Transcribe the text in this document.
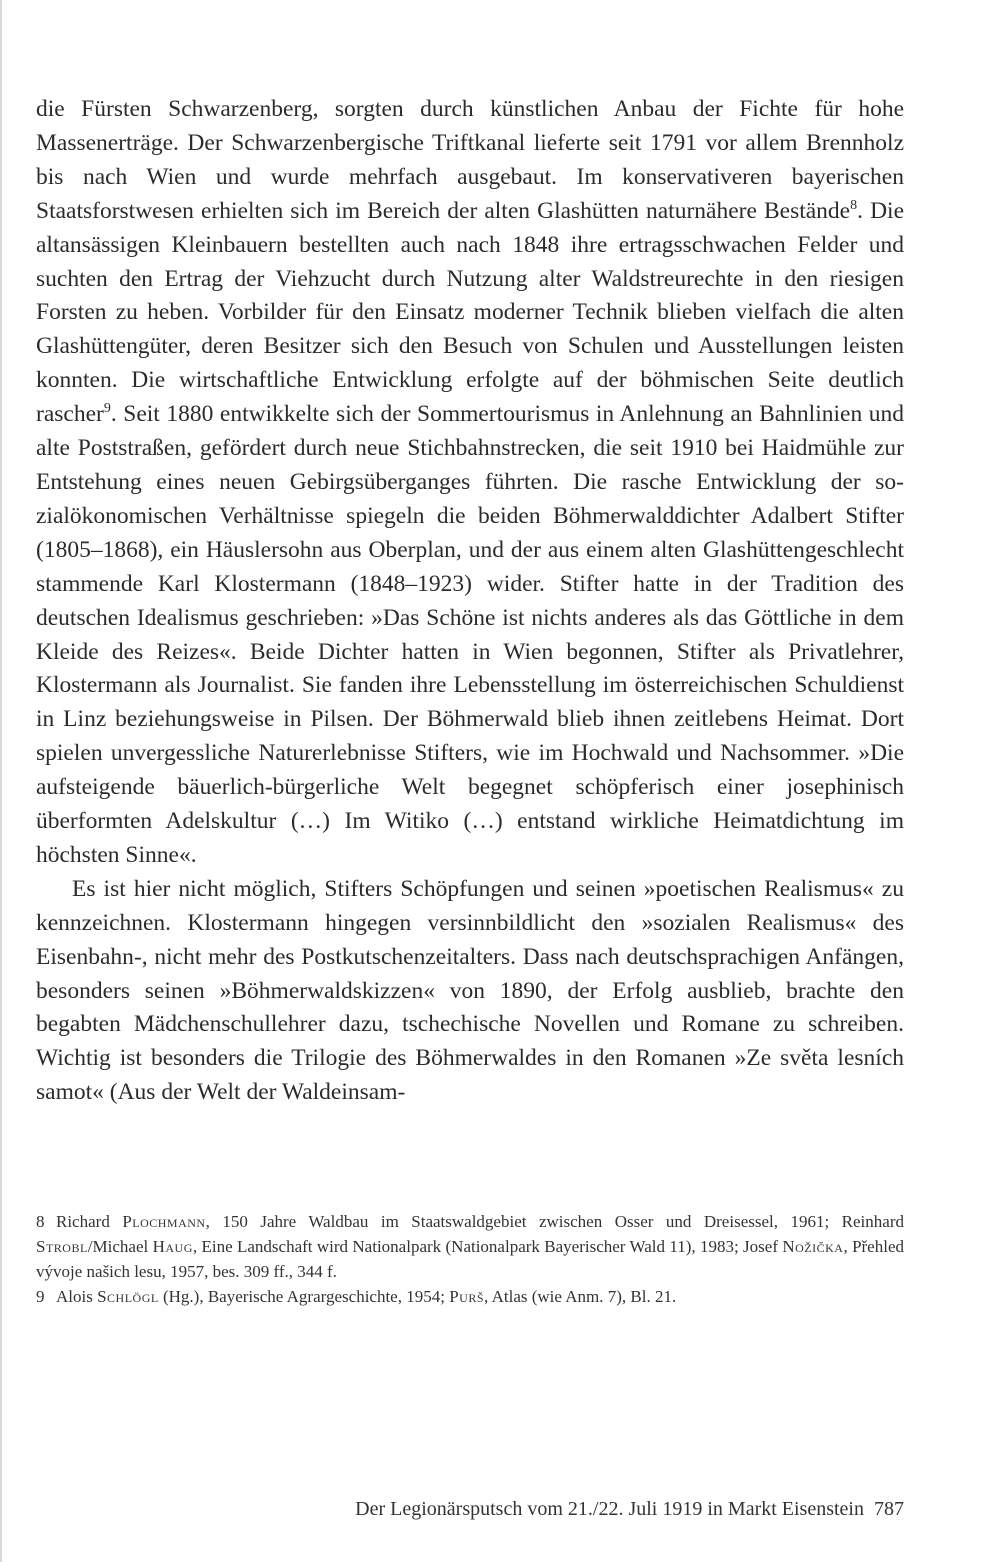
die Fürsten Schwarzenberg, sorgten durch künstlichen Anbau der Fichte für hohe Massenerträge. Der Schwarzenbergische Triftkanal lieferte seit 1791 vor allem Brennholz bis nach Wien und wurde mehrfach ausgebaut. Im konservativeren bayerischen Staatsforstwesen erhielten sich im Bereich der alten Glashütten naturnähere Bestände$^8$. Die altansässigen Kleinbauern bestellten auch nach 1848 ihre ertragsschwachen Felder und suchten den Ertrag der Viehzucht durch Nutzung alter Waldstreurechte in den riesigen Forsten zu heben. Vorbilder für den Einsatz moderner Technik blieben vielfach die alten Glashüttengüter, deren Besitzer sich den Besuch von Schulen und Ausstellungen leisten konnten. Die wirtschaftliche Entwicklung erfolgte auf der böhmischen Seite deutlich rascher$^9$. Seit 1880 entwikkelte sich der Sommertourismus in Anlehnung an Bahnlinien und alte Poststraßen, gefördert durch neue Stichbahnstrecken, die seit 1910 bei Haidmühle zur Entstehung eines neuen Gebirgsüberganges führten. Die rasche Entwicklung der sozialökonomischen Verhältnisse spiegeln die beiden Böhmerwalddichter Adalbert Stifter (1805–1868), ein Häuslersohn aus Oberplan, und der aus einem alten Glashüttengeschlecht stammende Karl Klostermann (1848–1923) wider. Stifter hatte in der Tradition des deutschen Idealismus geschrieben: »Das Schöne ist nichts anderes als das Göttliche in dem Kleide des Reizes«. Beide Dichter hatten in Wien begonnen, Stifter als Privatlehrer, Klostermann als Journalist. Sie fanden ihre Lebensstellung im österreichischen Schuldienst in Linz beziehungsweise in Pilsen. Der Böhmerwald blieb ihnen zeitlebens Heimat. Dort spielen unvergessliche Naturerlebnisse Stifters, wie im Hochwald und Nachsommer. »Die aufsteigende bäuerlich-bürgerliche Welt begegnet schöpferisch einer josephinisch überformten Adelskultur (…) Im Witiko (…) entstand wirkliche Heimatdichtung im höchsten Sinne«.

Es ist hier nicht möglich, Stifters Schöpfungen und seinen »poetischen Realismus« zu kennzeichnen. Klostermann hingegen versinnbildlicht den »sozialen Realismus« des Eisenbahn-, nicht mehr des Postkutschenzeitalters. Dass nach deutschsprachigen Anfängen, besonders seinen »Böhmerwaldskizzen« von 1890, der Erfolg ausblieb, brachte den begabten Mädchenschullehrer dazu, tschechische Novellen und Romane zu schreiben. Wichtig ist besonders die Trilogie des Böhmerwaldes in den Romanen »Ze světa lesních samot« (Aus der Welt der Waldeinsam-

8 Richard Plochmann, 150 Jahre Waldbau im Staatswaldgebiet zwischen Osser und Dreisessel, 1961; Reinhard Strobl/Michael Haug, Eine Landschaft wird Nationalpark (Nationalpark Bayerischer Wald 11), 1983; Josef Nožička, Přehled vývoje našich lesu, 1957, bes. 309 ff., 344 f.

9 Alois Schlögl (Hg.), Bayerische Agrargeschichte, 1954; Purš, Atlas (wie Anm. 7), Bl. 21.

Der Legionärsputsch vom 21./22. Juli 1919 in Markt Eisenstein 787
